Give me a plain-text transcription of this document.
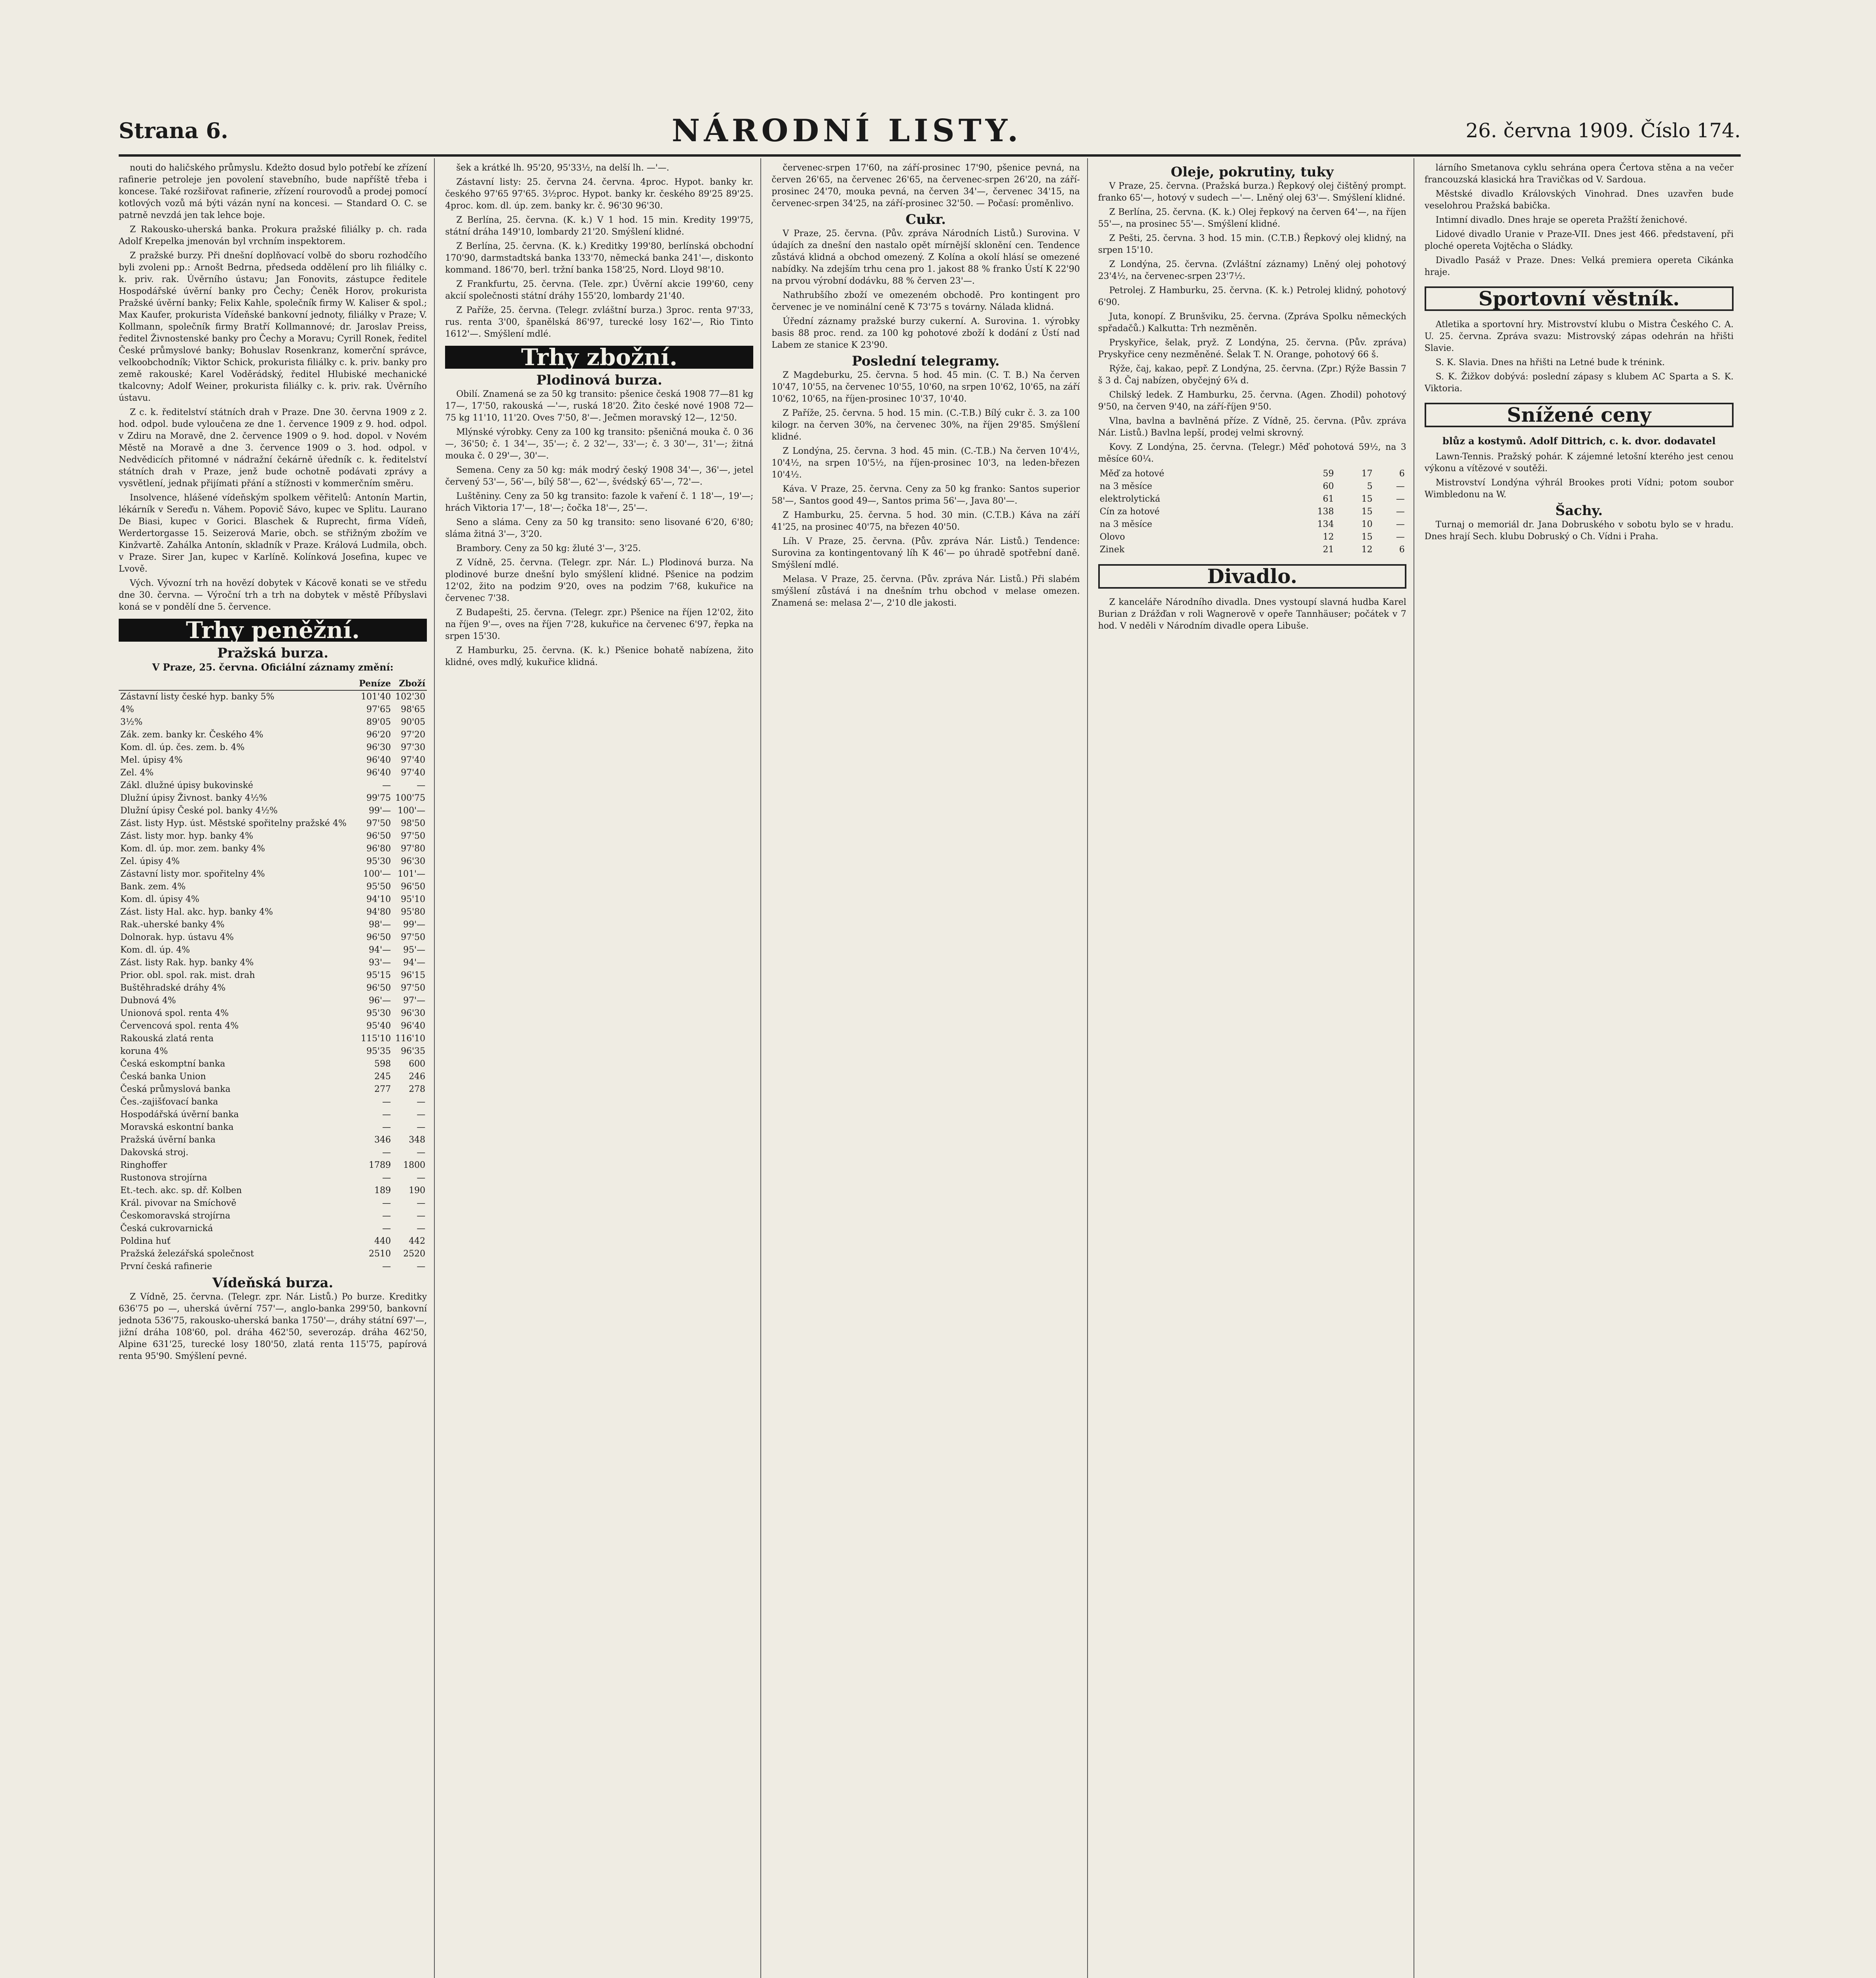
Strana 6.	NÁRODNÍ LISTY.	26. června 1909. Číslo 174.

nouti do haličského průmyslu. Kdežto dosud bylo potřebí ke zřízení rafinerie petroleje jen povolení stavebního, bude napříště třeba i koncese. Také rozšiřovat rafinerie, zřízení rourovodů a prodej pomocí kotlových vozů má býti vázán nyní na koncesi. — Standard O. C. se patrně nevzdá jen tak lehce boje.

Z Rakousko-uherská banka. Prokura pražské filiálky p. ch. rada Adolf Krepelka jmenován byl vrchním inspektorem.

Z pražské burzy. Při dnešní doplňovací volbě do sboru rozhodčího byli zvoleni pp.: Arnošt Bedrna, předseda oddělení pro lih filiálky c. k. priv. rak. Úvěrního ústavu; Jan Fonovits, zástupce ředitele Hospodářské úvěrní banky pro Čechy; Čeněk Horov, prokurista Pražské úvěrní banky; Felix Kahle, společník firmy W. Kaliser & spol.; Max Kaufer, prokurista Vídeňské bankovní jednoty, filiálky v Praze; V. Kollmann, společník firmy Bratří Kollmannové; dr. Jaroslav Preiss, ředitel Živnostenské banky pro Čechy a Moravu; Cyrill Ronek, ředitel České průmyslové banky; Bohuslav Rosenkranz, komerční správce, velkoobchodník; Viktor Schick, prokurista filiálky c. k. priv. banky pro země rakouské; Karel Voděrádský, ředitel Hlubiské mechanické tkalcovny; Adolf Weiner, prokurista filiálky c. k. priv. rak. Úvěrního ústavu.

Z c. k. ředitelství státních drah v Praze. Dne 30. června 1909 z 2. hod. odpol. bude vyloučena ze dne 1. července 1909 z 9. hod. odpol. v Zdiru na Moravě, dne 2. července 1909 o 9. hod. dopol. v Novém Městě na Moravě a dne 3. července 1909 o 3. hod. odpol. v Nedvědicích přitomné v nádražní čekárně úředník c. k. ředitelství státních drah v Praze, jenž bude ochotně podávati zprávy a vysvětlení, jednak přijímati přání a stížnosti v kommerčním směru.

Insolvence, hlášené vídeňským spolkem věřitelů: Antonín Martin, lékárník v Sereďu n. Váhem. Popovič Sávo, kupec ve Splitu. Laurano De Biasi, kupec v Gorici. Blaschek & Ruprecht, firma Vídeň, Werdertorgasse 15. Seizerová Marie, obch. se střižným zbožím ve Kinžvartě. Zahálka Antonín, skladník v Praze. Králová Ludmila, obch. v Praze. Sirer Jan, kupec v Karlíně. Kolínková Josefina, kupec ve Lvově.

Vých. Vývozní trh na hovězí dobytek v Kácově konati se ve středu dne 30. června. — Výroční trh a trh na dobytek v městě Příbyslavi koná se v pondělí dne 5. července.

Trhy peněžní.
Pražská burza.
V Praze, 25. června. Oficiální záznamy změní:
	Peníze	Zboží
Zástavní listy české hyp. banky 5%	101'40	102'30
4%	97'65	98'65
3½%	89'05	90'05
Zák. zem. banky kr. Českého 4%	96'20	97'20
Kom. dl. úp. čes. zem. b. 4%	96'30	97'30
Mel. úpisy 4%	96'40	97'40
Zel. 4%	96'40	97'40
Zákl. dlužné úpisy bukovinské	—	—
Dlužní úpisy Živnost. banky 4½%	99'75	100'75
Dlužní úpisy České pol. banky 4½%	99'—	100'—
Zást. listy Hyp. úst. Městské spořitelny pražské 4%	97'50	98'50
Zást. listy mor. hyp. banky 4%	96'50	97'50
Kom. dl. úp. mor. zem. banky 4%	96'80	97'80
Zel. úpisy 4%	95'30	96'30
Zástavní listy mor. spořitelny 4%	100'—	101'—
Bank. zem. 4%	95'50	96'50
Kom. dl. úpisy 4%	94'10	95'10
Zást. listy Hal. akc. hyp. banky 4%	94'80	95'80
Rak.-uherské banky 4%	98'—	99'—
Dolnorak. hyp. ústavu 4%	96'50	97'50
Kom. dl. úp. 4%	94'—	95'—
Zást. listy Rak. hyp. banky 4%	93'—	94'—
Prior. obl. spol. rak. mist. drah	95'15	96'15
Buštěhradské dráhy 4%	96'50	97'50
Dubnová 4%	96'—	97'—
Unionová spol. renta 4%	95'30	96'30
Červencová spol. renta 4%	95'40	96'40
Rakouská zlatá renta	115'10	116'10
koruna 4%	95'35	96'35
Česká eskomptní banka	598	600
Česká banka Union	245	246
Česká průmyslová banka	277	278
Čes.-zajišťovací banka	—	—
Hospodářská úvěrní banka	—	—
Moravská eskontní banka	—	—
Pražská úvěrní banka	346	348
Dakovská stroj.	—	—
Ringhoffer	1789	1800
Rustonova strojírna	—	—
Et.-tech. akc. sp. dř. Kolben	189	190
Král. pivovar na Smíchově	—	—
Českomoravská strojírna	—	—
Česká cukrovarnická	—	—
Poldina huť	440	442
Pražská železářská společnost	2510	2520
První česká rafinerie	—	—
Vídeňská burza.

Z Vídně, 25. června. (Telegr. zpr. Nár. Listů.) Po burze. Kreditky 636'75 po —, uherská úvěrní 757'—, anglo-banka 299'50, bankovní jednota 536'75, rakousko-uherská banka 1750'—, dráhy státní 697'—, jižní dráha 108'60, pol. dráha 462'50, severozáp. dráha 462'50, Alpine 631'25, turecké losy 180'50, zlatá renta 115'75, papírová renta 95'90. Smýšlení pevné.

šek a krátké lh. 95'20, 95'33½, na delší lh. —'—.

Zástavní listy: 25. června 24. června. 4proc. Hypot. banky kr. českého 97'65 97'65. 3½proc. Hypot. banky kr. českého 89'25 89'25. 4proc. kom. dl. úp. zem. banky kr. č. 96'30 96'30.

Z Berlína, 25. června. (K. k.) V 1 hod. 15 min. Kredity 199'75, státní dráha 149'10, lombardy 21'20. Smýšlení klidné.

Z Berlína, 25. června. (K. k.) Kreditky 199'80, berlínská obchodní 170'90, darmstadtská banka 133'70, německá banka 241'—, diskonto kommand. 186'70, berl. tržní banka 158'25, Nord. Lloyd 98'10.

Z Frankfurtu, 25. června. (Tele. zpr.) Úvěrní akcie 199'60, ceny akcií společnosti státní dráhy 155'20, lombardy 21'40.

Z Paříže, 25. června. (Telegr. zvláštní burza.) 3proc. renta 97'33, rus. renta 3'00, španělská 86'97, turecké losy 162'—, Rio Tinto 1612'—. Smýšlení mdlé.

Trhy zbožní.
Plodinová burza.

Obilí. Znamená se za 50 kg transito: pšenice česká 1908 77—81 kg 17—, 17'50, rakouská —'—, ruská 18'20. Žito české nové 1908 72—75 kg 11'10, 11'20. Oves 7'50, 8'—. Ječmen moravský 12—, 12'50.

Mlýnské výrobky. Ceny za 100 kg transito: pšeničná mouka č. 0 36—, 36'50; č. 1 34'—, 35'—; č. 2 32'—, 33'—; č. 3 30'—, 31'—; žitná mouka č. 0 29'—, 30'—.

Semena. Ceny za 50 kg: mák modrý český 1908 34'—, 36'—, jetel červený 53'—, 56'—, bílý 58'—, 62'—, švédský 65'—, 72'—.

Luštěniny. Ceny za 50 kg transito: fazole k vaření č. 1 18'—, 19'—; hrách Viktoria 17'—, 18'—; čočka 18'—, 25'—.

Seno a sláma. Ceny za 50 kg transito: seno lisované 6'20, 6'80; sláma žitná 3'—, 3'20.

Brambory. Ceny za 50 kg: žluté 3'—, 3'25.

Z Vídně, 25. června. (Telegr. zpr. Nár. L.) Plodinová burza. Na plodinové burze dnešní bylo smýšlení klidné. Pšenice na podzim 12'02, žito na podzim 9'20, oves na podzim 7'68, kukuřice na červenec 7'38.

Z Budapešti, 25. června. (Telegr. zpr.) Pšenice na říjen 12'02, žito na říjen 9'—, oves na říjen 7'28, kukuřice na červenec 6'97, řepka na srpen 15'30.

Z Hamburku, 25. června. (K. k.) Pšenice bohatě nabízena, žito klidné, oves mdlý, kukuřice klidná.

červenec-srpen 17'60, na září-prosinec 17'90, pšenice pevná, na červen 26'65, na červenec 26'65, na červenec-srpen 26'20, na září-prosinec 24'70, mouka pevná, na červen 34'—, červenec 34'15, na červenec-srpen 34'25, na září-prosinec 32'50. — Počasí: proměnlivo.

Cukr.

V Praze, 25. června. (Pův. zpráva Národních Listů.) Surovina. V údajích za dnešní den nastalo opět mírnější sklonění cen. Tendence zůstává klidná a obchod omezený. Z Kolína a okolí hlásí se omezené nabídky. Na zdejším trhu cena pro 1. jakost 88 % franko Ústí K 22'90 na prvou výrobní dodávku, 88 % červen 23'—.

Nathrubšího zboží ve omezeném obchodě. Pro kontingent pro červenec je ve nominální ceně K 73'75 s továrny. Nálada klidná.

Úřední záznamy pražské burzy cukerní. A. Surovina. 1. výrobky basis 88 proc. rend. za 100 kg pohotové zboží k dodání z Ústí nad Labem ze stanice K 23'90.

Poslední telegramy.

Z Magdeburku, 25. června. 5 hod. 45 min. (C. T. B.) Na červen 10'47, 10'55, na červenec 10'55, 10'60, na srpen 10'62, 10'65, na září 10'62, 10'65, na říjen-prosinec 10'37, 10'40.

Z Paříže, 25. června. 5 hod. 15 min. (C.-T.B.) Bílý cukr č. 3. za 100 kilogr. na červen 30%, na červenec 30%, na říjen 29'85. Smýšlení klidné.

Z Londýna, 25. června. 3 hod. 45 min. (C.-T.B.) Na červen 10'4½, 10'4½, na srpen 10'5½, na říjen-prosinec 10'3, na leden-březen 10'4½.

Káva. V Praze, 25. června. Ceny za 50 kg franko: Santos superior 58'—, Santos good 49—, Santos prima 56'—, Java 80'—.

Z Hamburku, 25. června. 5 hod. 30 min. (C.T.B.) Káva na září 41'25, na prosinec 40'75, na březen 40'50.

Líh. V Praze, 25. června. (Pův. zpráva Nár. Listů.) Tendence: Surovina za kontingentovaný líh K 46'— po úhradě spotřební daně. Smýšlení mdlé.

Melasa. V Praze, 25. června. (Pův. zpráva Nár. Listů.) Při slabém smýšlení zůstává i na dnešním trhu obchod v melase omezen. Znamená se: melasa 2'—, 2'10 dle jakosti.

Oleje, pokrutiny, tuky

V Praze, 25. června. (Pražská burza.) Řepkový olej čištěný prompt. franko 65'—, hotový v sudech —'—. Lněný olej 63'—. Smýšlení klidné.

Z Berlína, 25. června. (K. k.) Olej řepkový na červen 64'—, na říjen 55'—, na prosinec 55'—. Smýšlení klidné.

Z Pešti, 25. června. 3 hod. 15 min. (C.T.B.) Řepkový olej klidný, na srpen 15'10.

Z Londýna, 25. června. (Zvláštní záznamy) Lněný olej pohotový 23'4½, na červenec-srpen 23'7½.

Petrolej. Z Hamburku, 25. června. (K. k.) Petrolej klidný, pohotový 6'90.

Juta, konopí. Z Brunšviku, 25. června. (Zpráva Spolku německých spřadačů.) Kalkutta: Trh nezměněn.

Pryskyřice, šelak, pryž. Z Londýna, 25. června. (Pův. zpráva) Pryskyřice ceny nezměněné. Šelak T. N. Orange, pohotový 66 š.

Rýže, čaj, kakao, pepř. Z Londýna, 25. června. (Zpr.) Rýže Bassin 7 š 3 d. Čaj nabízen, obyčejný 6¾ d.

Chilský ledek. Z Hamburku, 25. června. (Agen. Zhodil) pohotový 9'50, na červen 9'40, na září-říjen 9'50.

Vlna, bavlna a bavlněná příze. Z Vídně, 25. června. (Pův. zpráva Nár. Listů.) Bavlna lepší, prodej velmi skrovný.

Kovy. Z Londýna, 25. června. (Telegr.) Měď pohotová 59½, na 3 měsíce 60¼.

Měď za hotové	59	17	6
na 3 měsíce	60	5	—
elektrolytická	61	15	—
Cín za hotové	138	15	—
na 3 měsíce	134	10	—
Olovo	12	15	—
Zinek	21	12	6
Divadlo.

Z kanceláře Národního divadla. Dnes vystoupí slavná hudba Karel Burian z Drážďan v roli Wagnerově v opeře Tannhäuser; počátek v 7 hod. V neděli v Národním divadle opera Libuše.

lárního Smetanova cyklu sehrána opera Čertova stěna a na večer francouzská klasická hra Travičkas od V. Sardoua.

Městské divadlo Královských Vinohrad. Dnes uzavřen bude veselohrou Pražská babička.

Intimní divadlo. Dnes hraje se opereta Pražští ženichové.

Lidové divadlo Uranie v Praze-VII. Dnes jest 466. představení, při ploché opereta Vojtěcha o Sládky.

Divadlo Pasáž v Praze. Dnes: Velká premiera opereta Cikánka hraje.

Sportovní věstník.

Atletika a sportovní hry. Mistrovství klubu o Mistra Českého C. A. U. 25. června. Zpráva svazu: Mistrovský zápas odehrán na hřišti Slavie.

S. K. Slavia. Dnes na hřišti na Letné bude k trénink.

S. K. Žižkov dobývá: poslední zápasy s klubem AC Sparta a S. K. Viktoria.

Snížené ceny
blůz a kostymů. Adolf Dittrich, c. k. dvor. dodavatel

Lawn-Tennis. Pražský pohár. K zájemné letošní kterého jest cenou výkonu a vítězové v soutěži.

Mistrovství Londýna výhrál Brookes proti Vídni; potom soubor Wimbledonu na W.

Šachy.

Turnaj o memoriál dr. Jana Dobruského v sobotu bylo se v hradu. Dnes hrají Sech. klubu Dobruský o Ch. Vídni i Praha.
